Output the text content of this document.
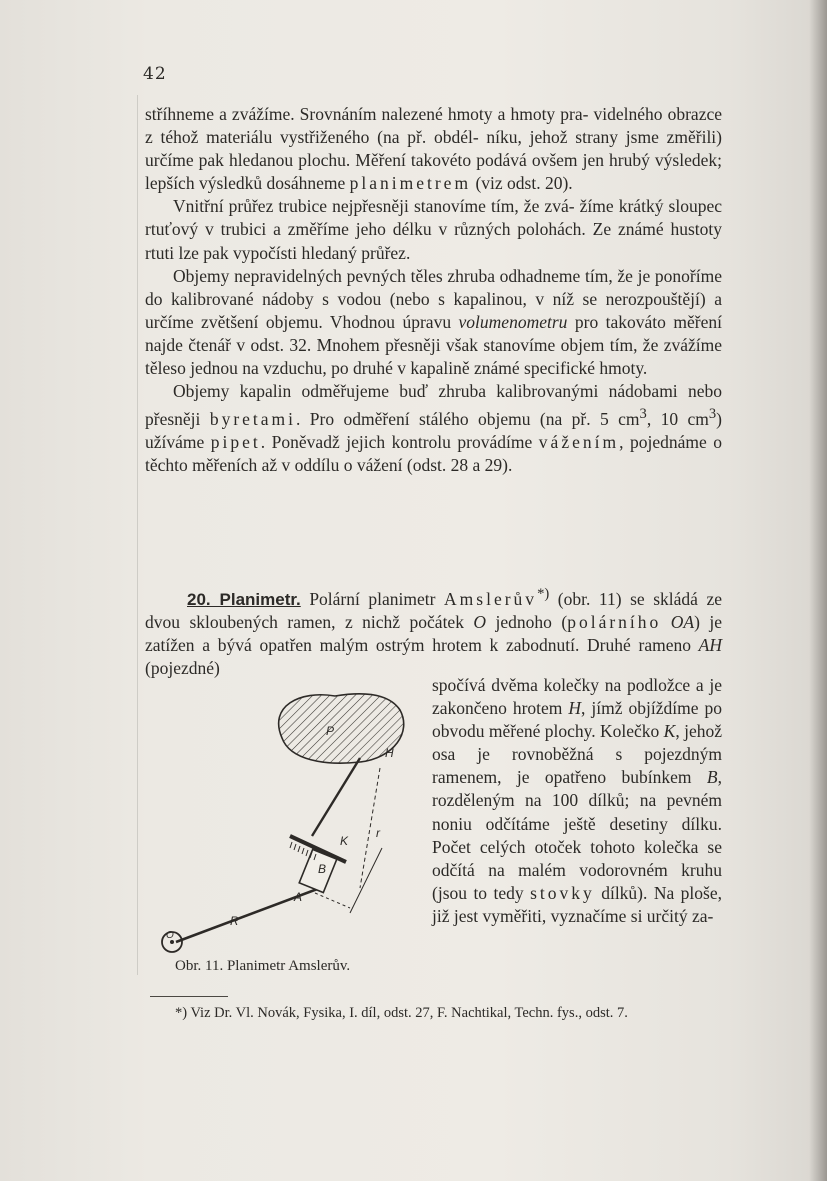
42

stříhneme a zvážíme. Srovnáním nalezené hmoty a hmoty pra- videlného obrazce z téhož materiálu vystřiženého (na př. obdél- níku, jehož strany jsme změřili) určíme pak hledanou plochu. Měření takovéto podává ovšem jen hrubý výsledek; lepších výsledků dosáhneme planimetrem (viz odst. 20).

Vnitřní průřez trubice nejpřesněji stanovíme tím, že zvá- žíme krátký sloupec rtuťový v trubici a změříme jeho délku v různých polohách. Ze známé hustoty rtuti lze pak vypočísti hledaný průřez.

Objemy nepravidelných pevných těles zhruba odhadneme tím, že je ponoříme do kalibrované nádoby s vodou (nebo s kapalinou, v níž se nerozpouštějí) a určíme zvětšení objemu. Vhodnou úpravu volumenometru pro takováto měření najde čtenář v odst. 32. Mnohem přesněji však stanovíme objem tím, že zvážíme těleso jednou na vzduchu, po druhé v kapalině známé specifické hmoty.

Objemy kapalin odměřujeme buď zhruba kalibrovanými nádobami nebo přesněji byretami. Pro odměření stálého objemu (na př. 5 $cm^3$, 10 $cm^3$) užíváme pipet. Poněvadž jejich kontrolu provádíme vážením, pojednáme o těchto měřeních až v oddílu o vážení (odst. 28 a 29).

20. Planimetr. Polární planimetr Amslerův*) (obr. 11) se skládá ze dvou skloubených ramen, z nichž počátek O jednoho (polárního OA) je zatížen a bývá opatřen malým ostrým hrotem k zabodnutí. Druhé rameno AH (pojezdné)

spočívá dvěma kolečky na podložce a je zakončeno hrotem H, jímž objíždíme po obvodu měřené plochy. Kolečko K, jehož osa je rovnoběžná s pojezdným ramenem, je opatřeno bubínkem B, rozděleným na 100 dílků; na pevném noniu odčítáme ještě desetiny dílku. Počet celých otoček tohoto kolečka se odčítá na malém vodorovném kruhu (jsou to tedy stovky dílků). Na ploše, již jest vyměřiti, vyznačíme si určitý za-

P
H
K
r
B
A
R
O
Obr. 11. Planimetr Amslerův.

*) Viz Dr. Vl. Novák, Fysika, I. díl, odst. 27, F. Nachtikal, Techn. fys., odst. 7.
